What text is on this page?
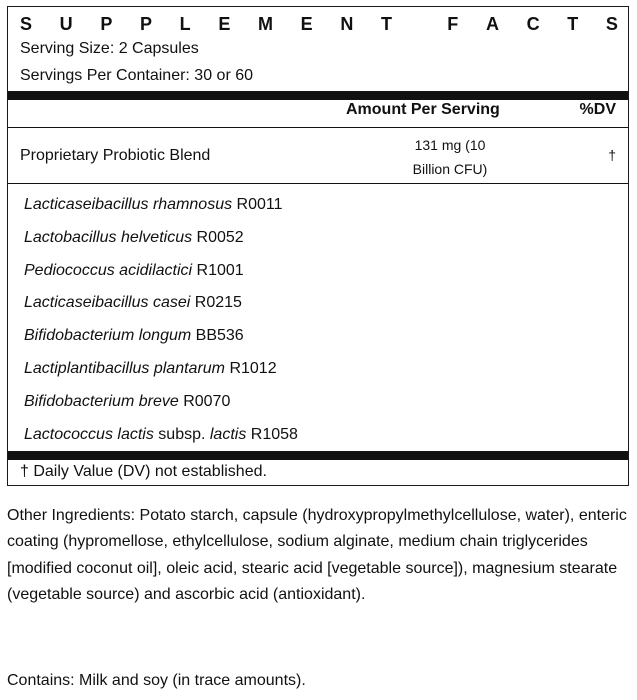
S U P P L E M E N T	F A C T S
Serving Size: 2 Capsules
Servings Per Container: 30 or 60
Amount Per Serving	%DV
Proprietary Probiotic Blend
131 mg (10
Billion CFU)
†
Lacticaseibacillus rhamnosus R0011
Lactobacillus helveticus R0052
Pediococcus acidilactici R1001
Lacticaseibacillus casei R0215
Bifidobacterium longum BB536
Lactiplantibacillus plantarum R1012
Bifidobacterium breve R0070
Lactococcus lactis subsp. lactis R1058
† Daily Value (DV) not established.

Other Ingredients: Potato starch, capsule (hydroxypropylmethylcellulose, water), enteric coating (hypromellose, ethylcellulose, sodium alginate, medium chain triglycerides [modified coconut oil], oleic acid, stearic acid [vegetable source]), magnesium stearate (vegetable source) and ascorbic acid (antioxidant).

Contains: Milk and soy (in trace amounts).
